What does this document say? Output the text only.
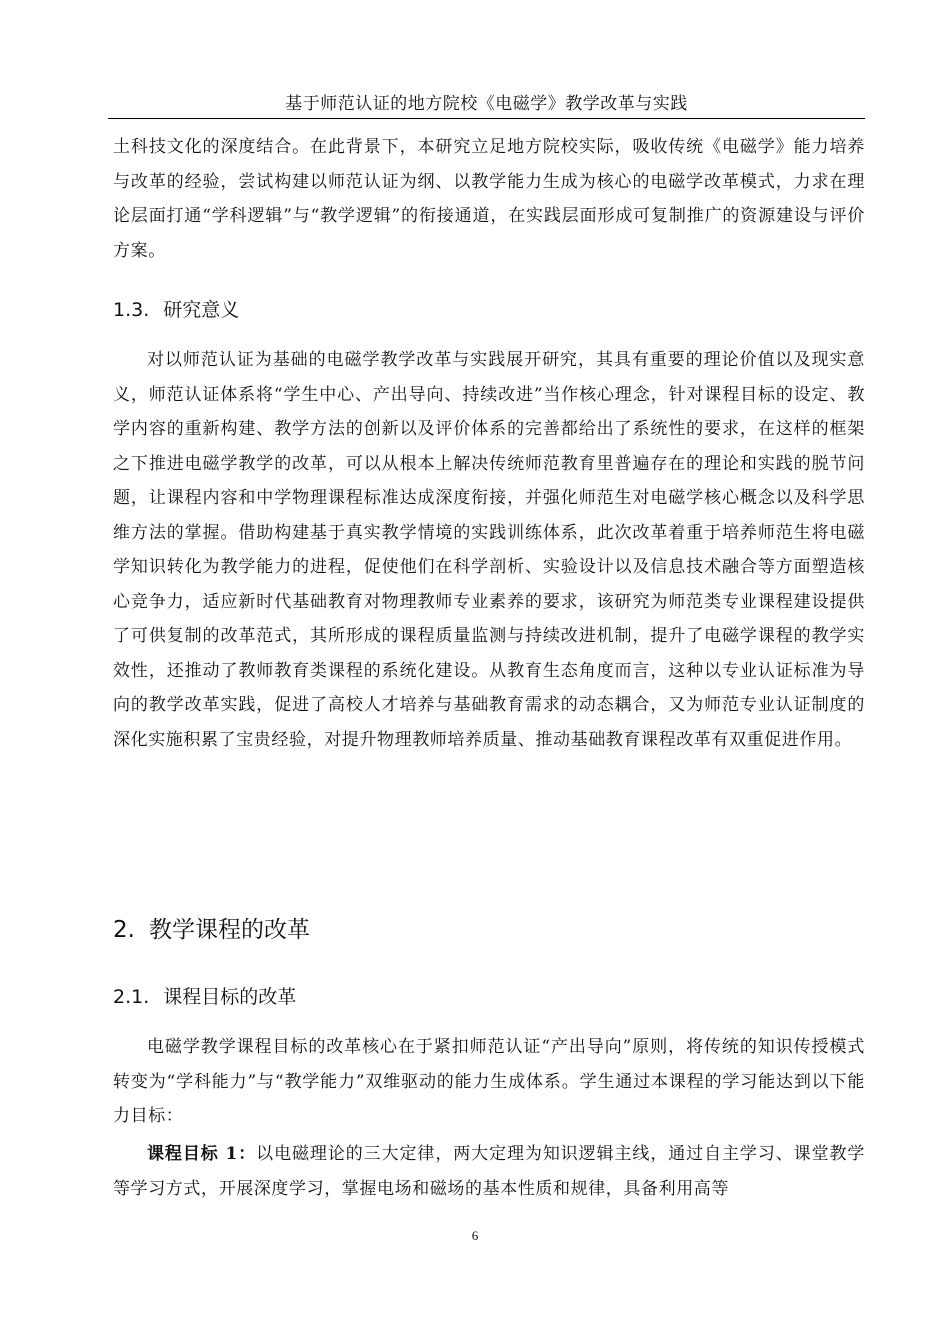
基于师范认证的地方院校《电磁学》教学改革与实践

土科技文化的深度结合。在此背景下，本研究立足地方院校实际，吸收传统《电磁学》能力培养与改革的经验，尝试构建以师范认证为纲、以教学能力生成为核心的电磁学改革模式，力求在理论层面打通“学科逻辑”与“教学逻辑”的衔接通道，在实践层面形成可复制推广的资源建设与评价方案。

1.3. 研究意义

对以师范认证为基础的电磁学教学改革与实践展开研究，其具有重要的理论价值以及现实意义，师范认证体系将“学生中心、产出导向、持续改进”当作核心理念，针对课程目标的设定、教学内容的重新构建、教学方法的创新以及评价体系的完善都给出了系统性的要求，在这样的框架之下推进电磁学教学的改革，可以从根本上解决传统师范教育里普遍存在的理论和实践的脱节问题，让课程内容和中学物理课程标准达成深度衔接，并强化师范生对电磁学核心概念以及科学思维方法的掌握。借助构建基于真实教学情境的实践训练体系，此次改革着重于培养师范生将电磁学知识转化为教学能力的进程，促使他们在科学剖析、实验设计以及信息技术融合等方面塑造核心竞争力，适应新时代基础教育对物理教师专业素养的要求，该研究为师范类专业课程建设提供了可供复制的改革范式，其所形成的课程质量监测与持续改进机制，提升了电磁学课程的教学实效性，还推动了教师教育类课程的系统化建设。从教育生态角度而言，这种以专业认证标准为导向的教学改革实践，促进了高校人才培养与基础教育需求的动态耦合，又为师范专业认证制度的深化实施积累了宝贵经验，对提升物理教师培养质量、推动基础教育课程改革有双重促进作用。

2. 教学课程的改革
2.1. 课程目标的改革

电磁学教学课程目标的改革核心在于紧扣师范认证“产出导向”原则，将传统的知识传授模式转变为“学科能力”与“教学能力”双维驱动的能力生成体系。学生通过本课程的学习能达到以下能力目标：

课程目标 1：以电磁理论的三大定律，两大定理为知识逻辑主线，通过自主学习、课堂教学等学习方式，开展深度学习，掌握电场和磁场的基本性质和规律，具备利用高等

6
